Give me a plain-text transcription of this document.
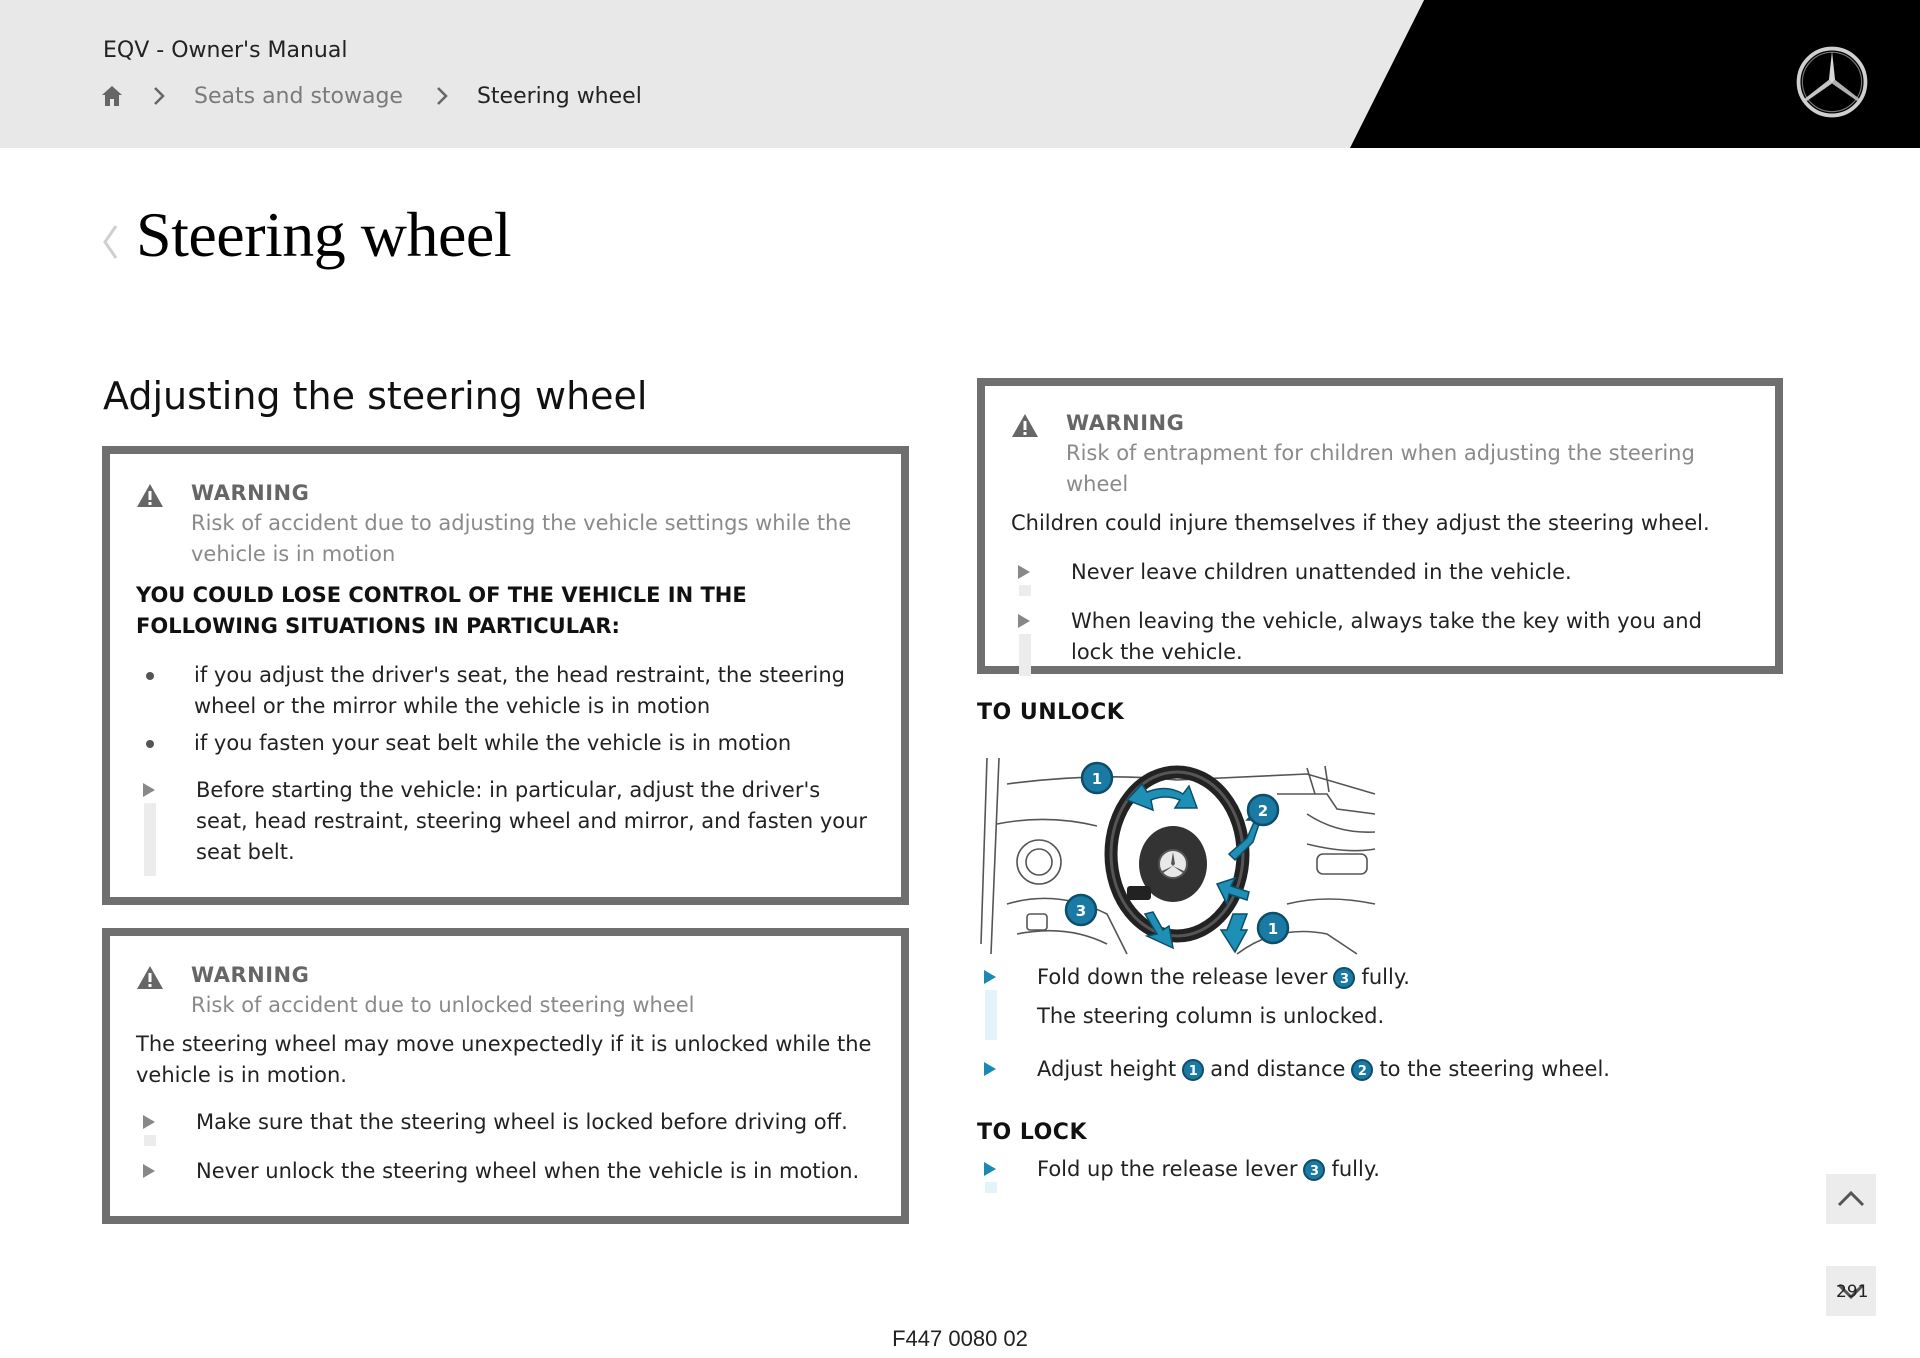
EQV - Owner's Manual
Seats and stowage	Steering wheel
Steering wheel
Adjusting the steering wheel
WARNING
Risk of accident due to adjusting the vehicle settings while the vehicle is in motion
YOU COULD LOSE CONTROL OF THE VEHICLE IN THE FOLLOWING SITUATIONS IN PARTICULAR:
if you adjust the driver's seat, the head restraint, the steering wheel or the mirror while the vehicle is in motion
if you fasten your seat belt while the vehicle is in motion
Before starting the vehicle: in particular, adjust the driver's seat, head restraint, steering wheel and mirror, and fasten your seat belt.
WARNING
Risk of accident due to unlocked steering wheel
The steering wheel may move unexpectedly if it is unlocked while the vehicle is in motion.
Make sure that the steering wheel is locked before driving off.
Never unlock the steering wheel when the vehicle is in motion.
WARNING
Risk of entrapment for children when adjusting the steering wheel
Children could injure themselves if they adjust the steering wheel.
Never leave children unattended in the vehicle.
When leaving the vehicle, always take the key with you and lock the vehicle.
TO UNLOCK
1
2
3
1
Fold down the release lever 3 fully.
The steering column is unlocked.
Adjust height 1 and distance 2 to the steering wheel.
TO LOCK
Fold up the release lever 3 fully.
291
F447 0080 02
